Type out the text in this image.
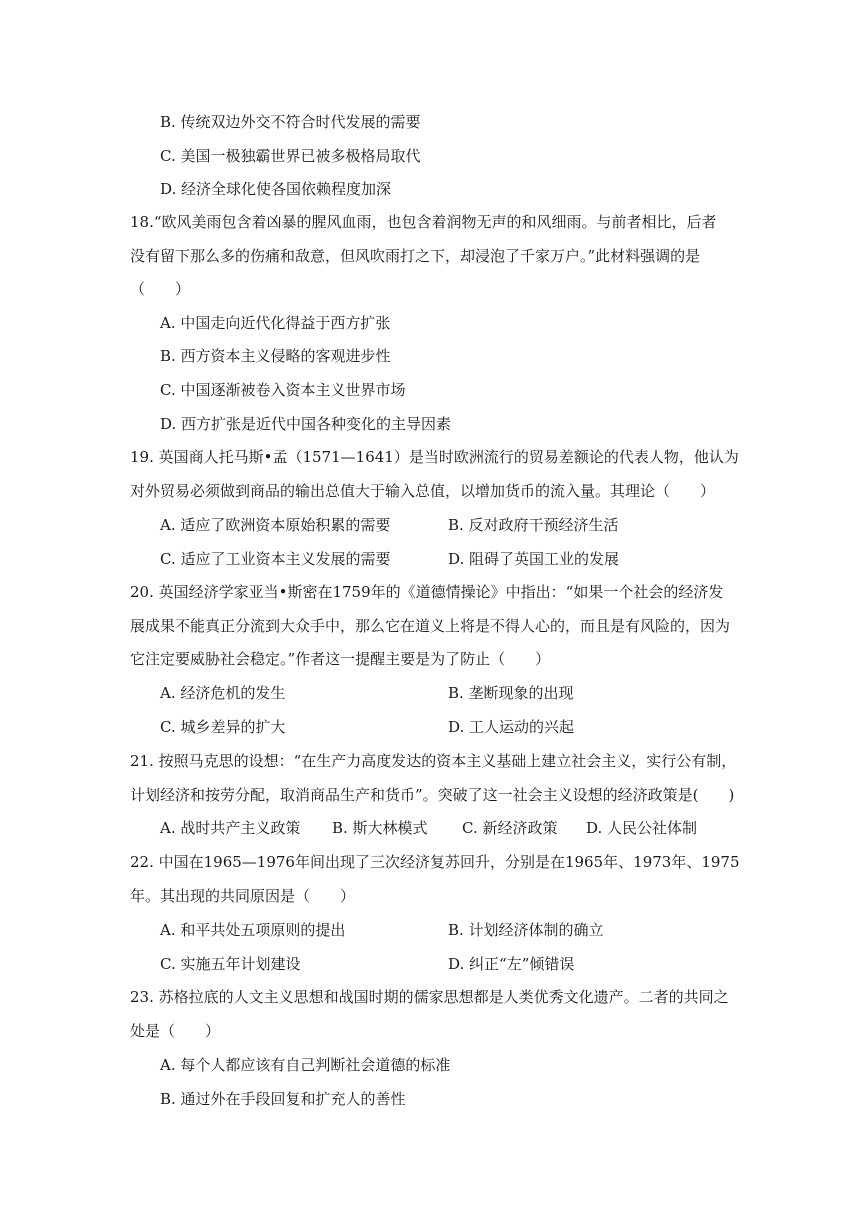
B. 传统双边外交不符合时代发展的需要
C. 美国一极独霸世界已被多极格局取代
D. 经济全球化使各国依赖程度加深
18.“欧风美雨包含着凶暴的腥风血雨，也包含着润物无声的和风细雨。与前者相比，后者
没有留下那么多的伤痛和敌意，但风吹雨打之下，却浸泡了千家万户。”此材料强调的是
（　　）
A. 中国走向近代化得益于西方扩张
B. 西方资本主义侵略的客观进步性
C. 中国逐渐被卷入资本主义世界市场
D. 西方扩张是近代中国各种变化的主导因素
19. 英国商人托马斯•孟（1571—1641）是当时欧洲流行的贸易差额论的代表人物，他认为
对外贸易必须做到商品的输出总值大于输入总值，以增加货币的流入量。其理论（　　）
A. 适应了欧洲资本原始积累的需要	B. 反对政府干预经济生活
C. 适应了工业资本主义发展的需要	D. 阻碍了英国工业的发展
20. 英国经济学家亚当•斯密在1759年的《道德情操论》中指出：“如果一个社会的经济发
展成果不能真正分流到大众手中，那么它在道义上将是不得人心的，而且是有风险的，因为
它注定要威胁社会稳定。”作者这一提醒主要是为了防止（　　）
A. 经济危机的发生	B. 垄断现象的出现
C. 城乡差异的扩大	D. 工人运动的兴起
21. 按照马克思的设想：“在生产力高度发达的资本主义基础上建立社会主义，实行公有制，
计划经济和按劳分配，取消商品生产和货币”。突破了这一社会主义设想的经济政策是(　　)
A. 战时共产主义政策	B. 斯大林模式	C. 新经济政策	D. 人民公社体制
22. 中国在1965—1976年间出现了三次经济复苏回升，分别是在1965年、1973年、1975
年。其出现的共同原因是（　　）
A. 和平共处五项原则的提出	B. 计划经济体制的确立
C. 实施五年计划建设	D. 纠正“左”倾错误
23. 苏格拉底的人文主义思想和战国时期的儒家思想都是人类优秀文化遗产。二者的共同之
处是（　　）
A. 每个人都应该有自己判断社会道德的标准
B. 通过外在手段回复和扩充人的善性
